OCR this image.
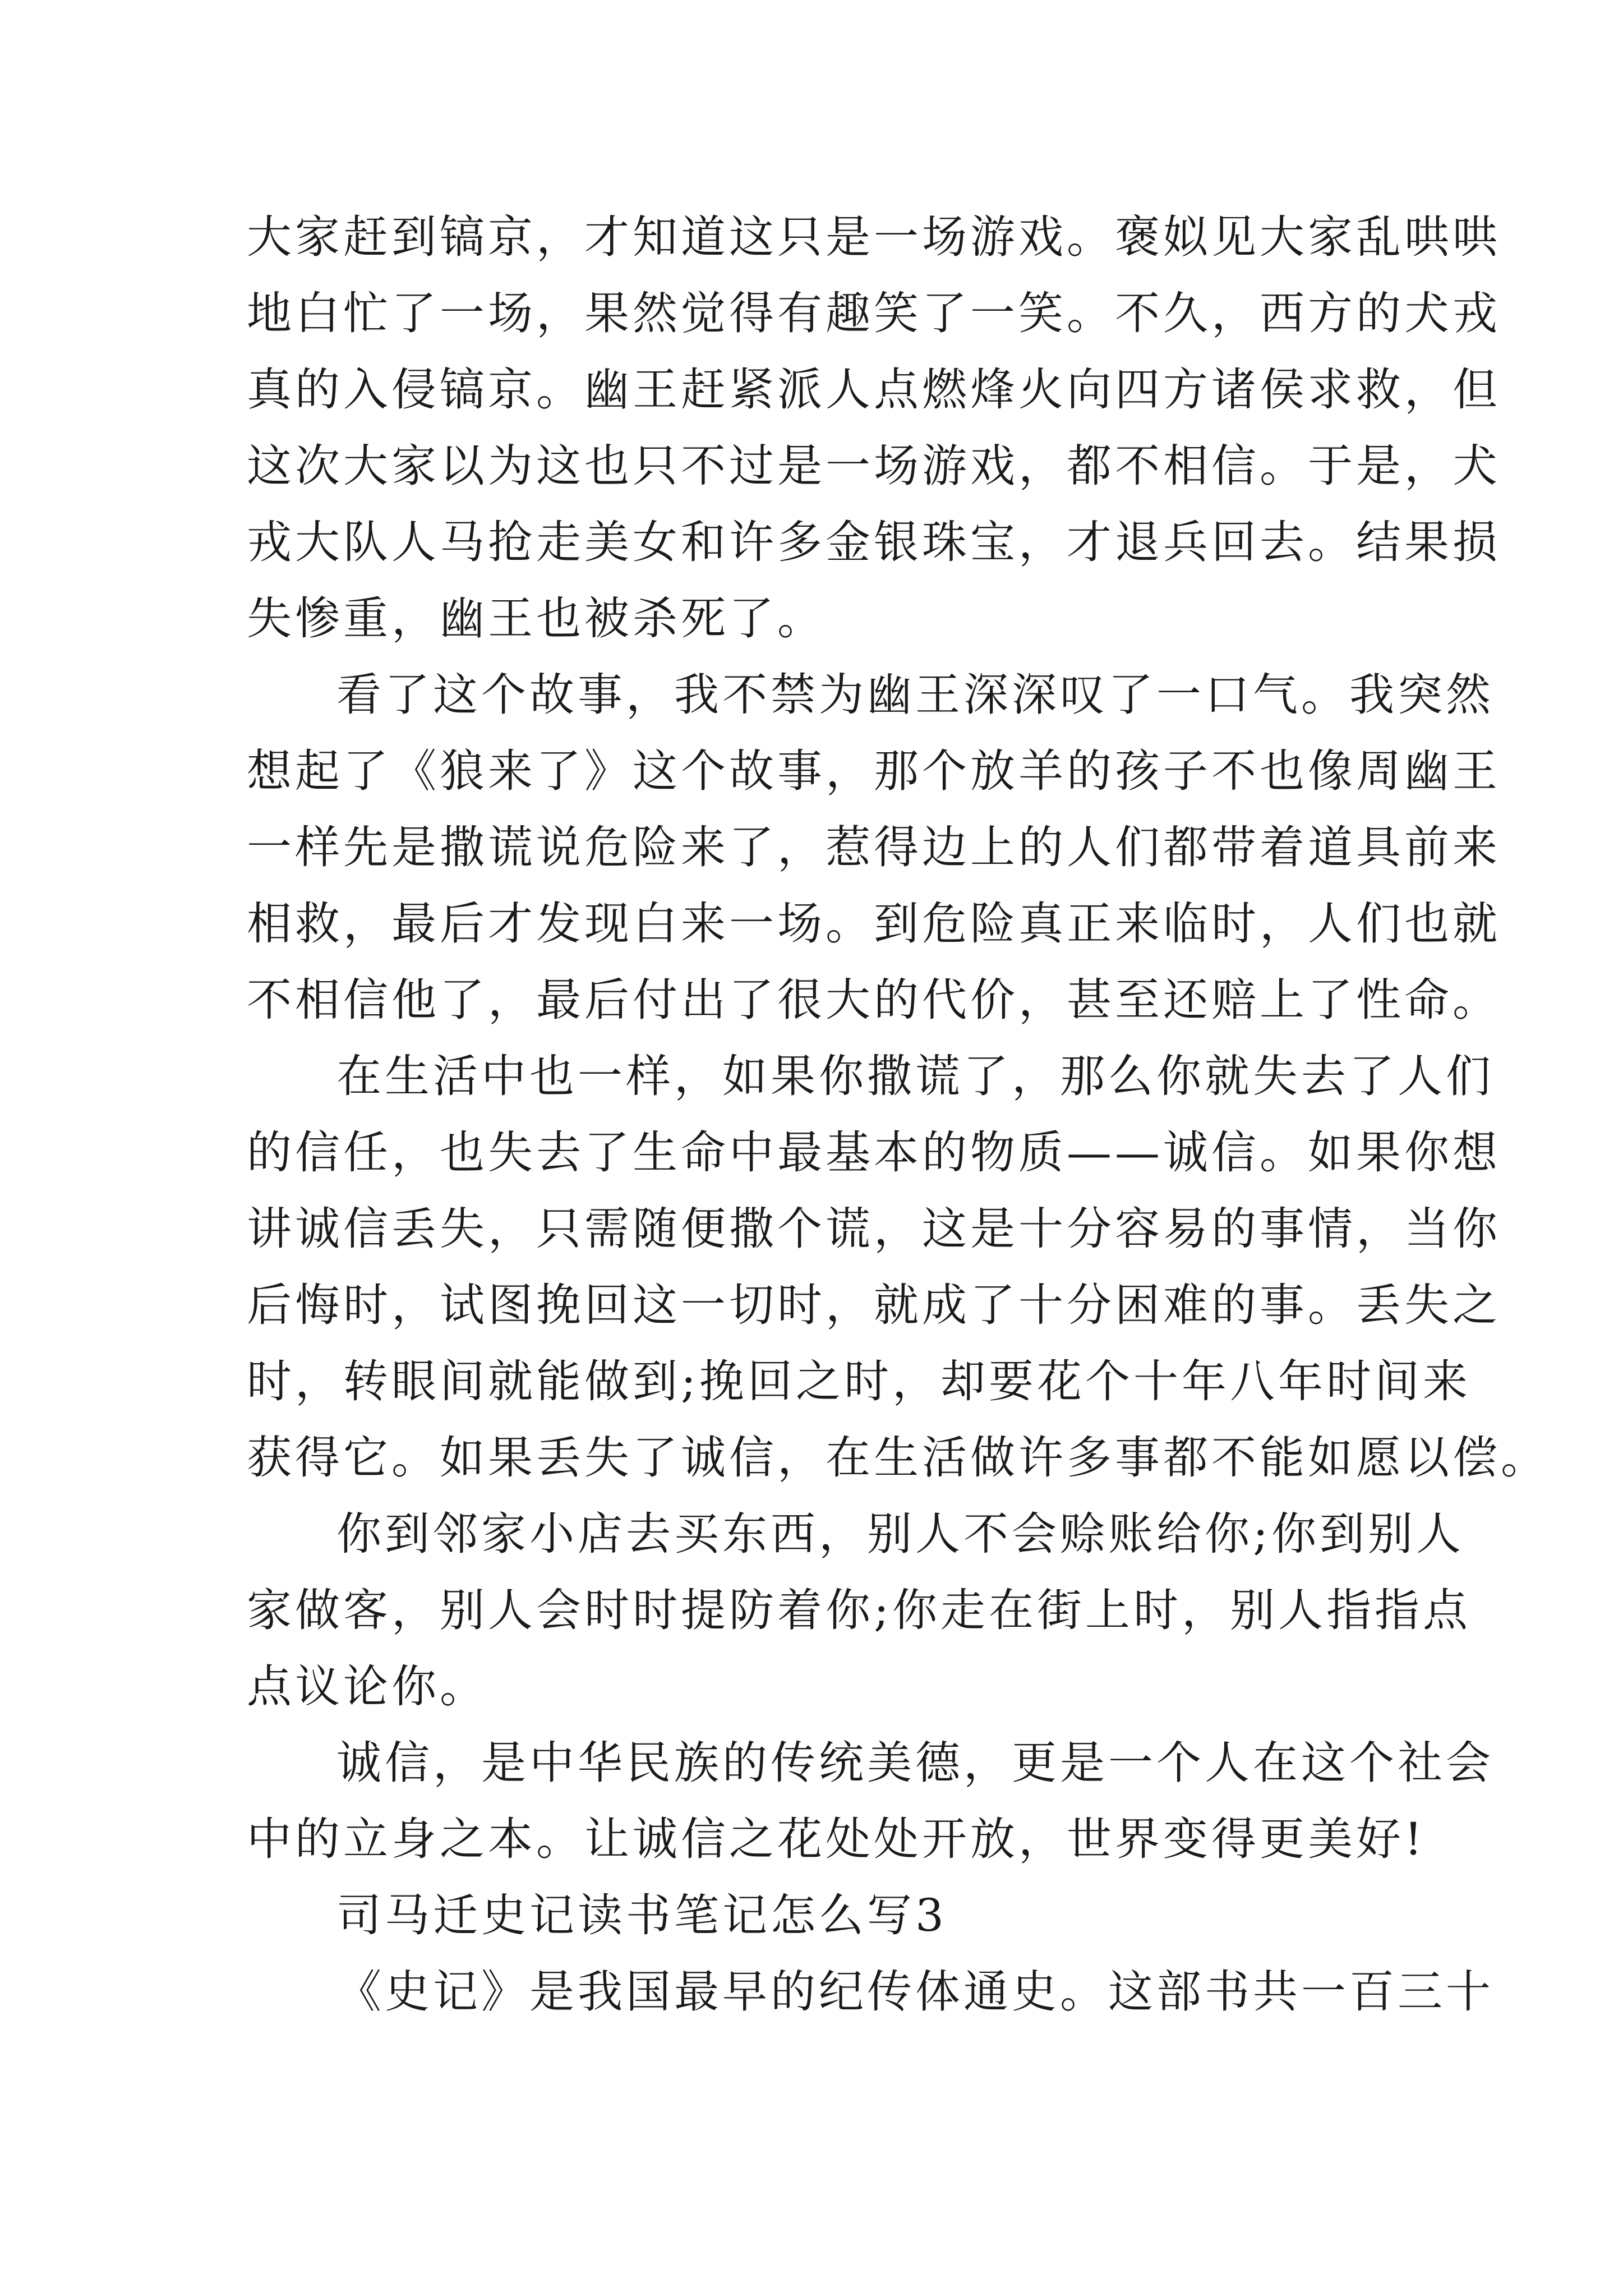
大家赶到镐京，才知道这只是一场游戏。褒姒见大家乱哄哄
地白忙了一场，果然觉得有趣笑了一笑。不久，西方的犬戎
真的入侵镐京。幽王赶紧派人点燃烽火向四方诸侯求救，但
这次大家以为这也只不过是一场游戏，都不相信。于是，犬
戎大队人马抢走美女和许多金银珠宝，才退兵回去。结果损
失惨重，幽王也被杀死了。
看了这个故事，我不禁为幽王深深叹了一口气。我突然
想起了《狼来了》这个故事，那个放羊的孩子不也像周幽王
一样先是撒谎说危险来了，惹得边上的人们都带着道具前来
相救，最后才发现白来一场。到危险真正来临时，人们也就
不相信他了，最后付出了很大的代价，甚至还赔上了性命。
在生活中也一样，如果你撒谎了，那么你就失去了人们
的信任，也失去了生命中最基本的物质——诚信。如果你想
讲诚信丢失，只需随便撒个谎，这是十分容易的事情，当你
后悔时，试图挽回这一切时，就成了十分困难的事。丢失之
时，转眼间就能做到;挽回之时，却要花个十年八年时间来
获得它。如果丢失了诚信，在生活做许多事都不能如愿以偿。
你到邻家小店去买东西，别人不会赊账给你;你到别人
家做客，别人会时时提防着你;你走在街上时，别人指指点
点议论你。
诚信，是中华民族的传统美德，更是一个人在这个社会
中的立身之本。让诚信之花处处开放，世界变得更美好!
司马迁史记读书笔记怎么写3
《史记》是我国最早的纪传体通史。这部书共一百三十
